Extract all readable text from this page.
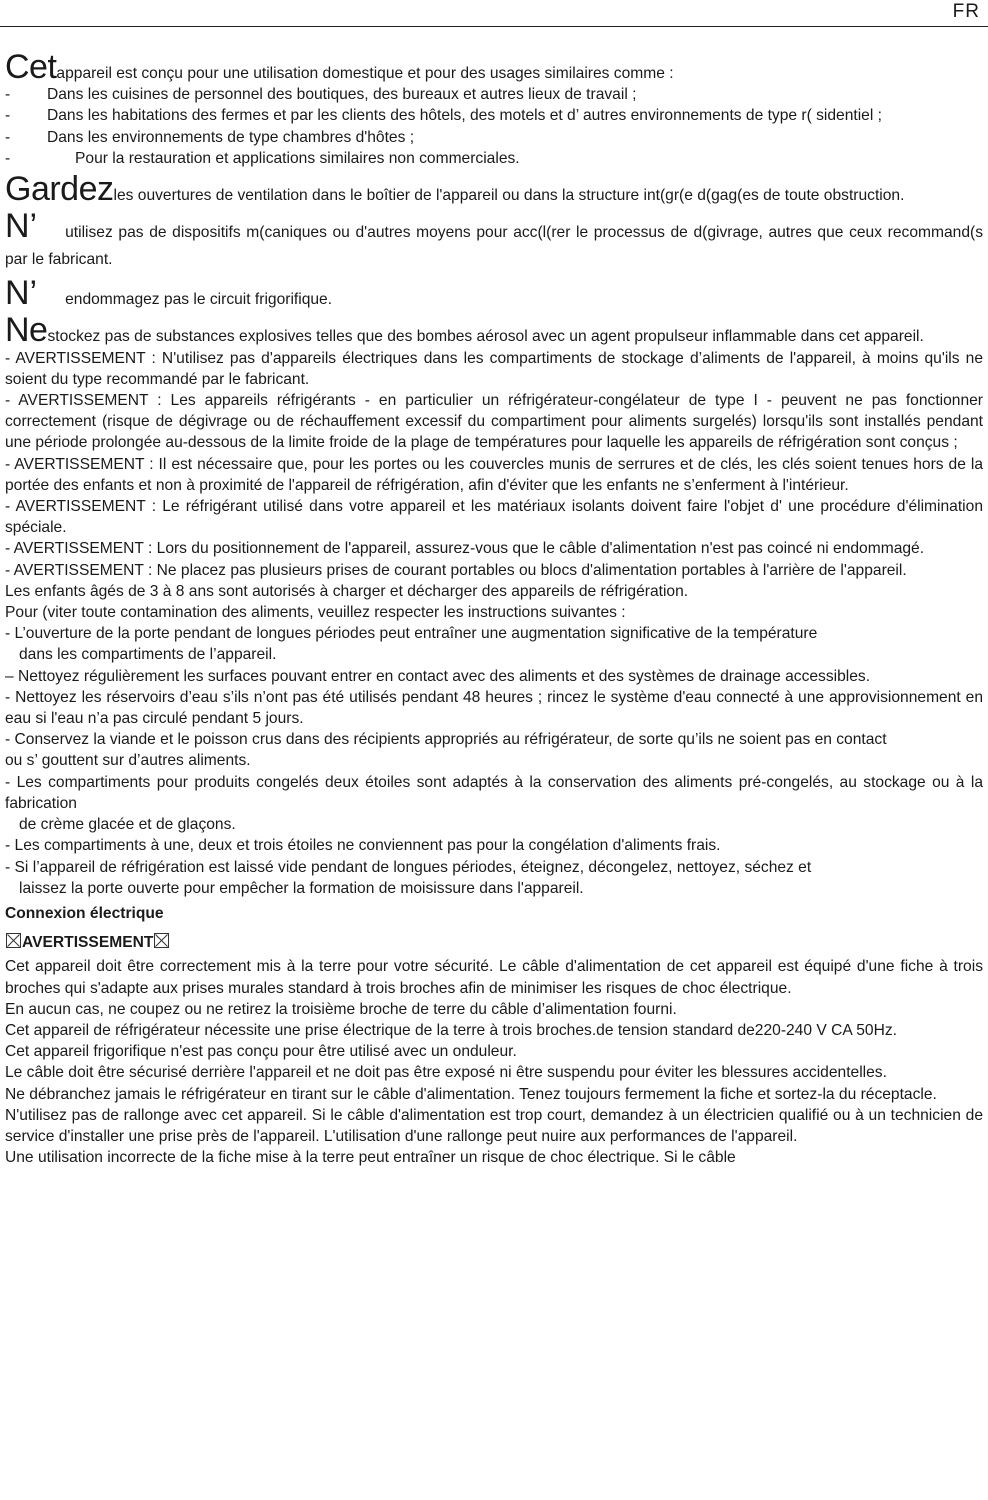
FR

Cetappareil est conçu pour une utilisation domestique et pour des usages similaires comme :

-	Dans les cuisines de personnel des boutiques, des bureaux et autres lieux de travail ;
-	Dans les habitations des fermes et par les clients des hôtels, des motels et d’ autres environnements de type r( sidentiel ;
-	Dans les environnements de type chambres d'hôtes ;
-	Pour la restauration et applications similaires non commerciales.

Gardezles ouvertures de ventilation dans le boîtier de l'appareil ou dans la structure int(gr(e d(gag(es de toute obstruction.

N’ utilisez pas de dispositifs m(caniques ou d'autres moyens pour acc(l(rer le processus de d(givrage, autres que ceux recommand(s par le fabricant.

N’ endommagez pas le circuit frigorifique.

Nestockez pas de substances explosives telles que des bombes aérosol avec un agent propulseur inflammable dans cet appareil.

- AVERTISSEMENT : N'utilisez pas d'appareils électriques dans les compartiments de stockage d’aliments de l'appareil, à moins qu'ils ne soient du type recommandé par le fabricant.

- AVERTISSEMENT : Les appareils réfrigérants - en particulier un réfrigérateur-congélateur de type I - peuvent ne pas fonctionner correctement (risque de dégivrage ou de réchauffement excessif du compartiment pour aliments surgelés) lorsqu'ils sont installés pendant une période prolongée au-dessous de la limite froide de la plage de températures pour laquelle les appareils de réfrigération sont conçus ;

- AVERTISSEMENT : Il est nécessaire que, pour les portes ou les couvercles munis de serrures et de clés, les clés soient tenues hors de la portée des enfants et non à proximité de l'appareil de réfrigération, afin d'éviter que les enfants ne s’enferment à l'intérieur.

- AVERTISSEMENT : Le réfrigérant utilisé dans votre appareil et les matériaux isolants doivent faire l'objet d' une procédure d'élimination spéciale.

- AVERTISSEMENT : Lors du positionnement de l'appareil, assurez-vous que le câble d'alimentation n'est pas coincé ni endommagé.

- AVERTISSEMENT : Ne placez pas plusieurs prises de courant portables ou blocs d'alimentation portables à l'arrière de l'appareil.

Les enfants âgés de 3 à 8 ans sont autorisés à charger et décharger des appareils de réfrigération.

Pour (viter toute contamination des aliments, veuillez respecter les instructions suivantes :

- L’ouverture de la porte pendant de longues périodes peut entraîner une augmentation significative de la température

dans les compartiments de l’appareil.

– Nettoyez régulièrement les surfaces pouvant entrer en contact avec des aliments et des systèmes de drainage accessibles.

- Nettoyez les réservoirs d’eau s’ils n’ont pas été utilisés pendant 48 heures ; rincez le système d'eau connecté à une approvisionnement en eau si l'eau n’a pas circulé pendant 5 jours.

- Conservez la viande et le poisson crus dans des récipients appropriés au réfrigérateur, de sorte qu’ils ne soient pas en contact

ou s’ gouttent sur d’autres aliments.

- Les compartiments pour produits congelés deux étoiles sont adaptés à la conservation des aliments pré-congelés, au stockage ou à la fabrication

de crème glacée et de glaçons.

- Les compartiments à une, deux et trois étoiles ne conviennent pas pour la congélation d'aliments frais.

- Si l’appareil de réfrigération est laissé vide pendant de longues périodes, éteignez, décongelez, nettoyez, séchez et

laissez la porte ouverte pour empêcher la formation de moisissure dans l'appareil.

Connexion électrique

AVERTISSEMENT

Cet appareil doit être correctement mis à la terre pour votre sécurité. Le câble d'alimentation de cet appareil est équipé d'une fiche à trois broches qui s'adapte aux prises murales standard à trois broches afin de minimiser les risques de choc électrique.

En aucun cas, ne coupez ou ne retirez la troisième broche de terre du câble d’alimentation fourni.

Cet appareil de réfrigérateur nécessite une prise électrique de la terre à trois broches.de tension standard de220-240 V CA 50Hz.

Cet appareil frigorifique n'est pas conçu pour être utilisé avec un onduleur.

Le câble doit être sécurisé derrière l'appareil et ne doit pas être exposé ni être suspendu pour éviter les blessures accidentelles.

Ne débranchez jamais le réfrigérateur en tirant sur le câble d'alimentation. Tenez toujours fermement la fiche et sortez-la du réceptacle.

N'utilisez pas de rallonge avec cet appareil. Si le câble d'alimentation est trop court, demandez à un électricien qualifié ou à un technicien de service d'installer une prise près de l'appareil. L'utilisation d'une rallonge peut nuire aux performances de l'appareil.

Une utilisation incorrecte de la fiche mise à la terre peut entraîner un risque de choc électrique. Si le câble
